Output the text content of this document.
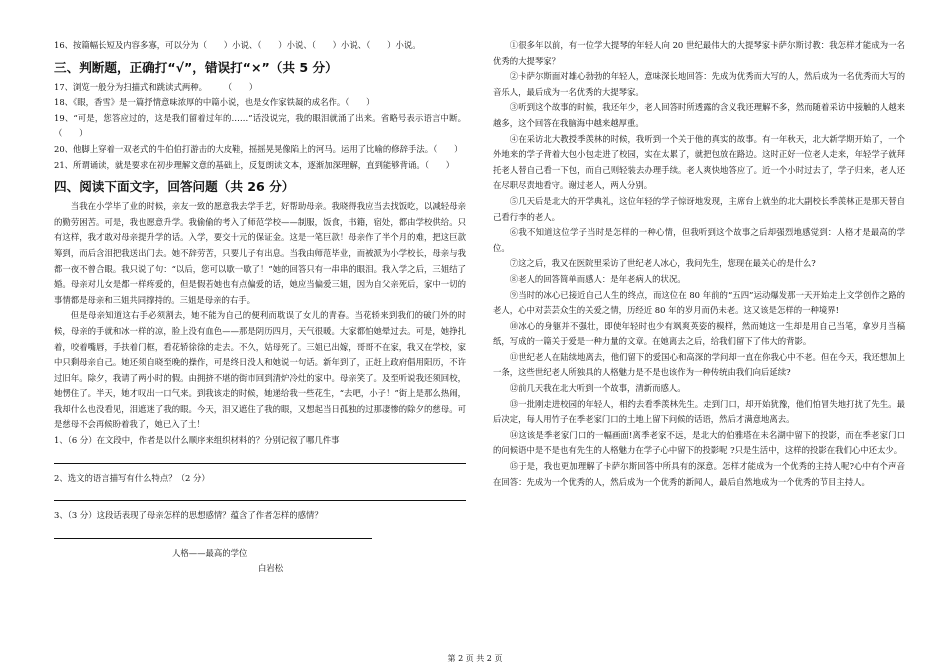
16、按篇幅长短及内容多寡，可以分为（　　）小说、（　　）小说、（　　）小说、（　　）小说。

三、判断题，正确打“√”，错误打“×”（共 5 分）

17、浏览一般分为扫描式和跳读式两种。　　　（　　）

18、《眼，香雪》是一篇抒情意味浓厚的中篇小说，也是女作家铁凝的成名作。（　　）

19、“可是，您答应过的，这是我们留着过年的……”话没说完，我的眼泪就涌了出来。省略号表示语言中断。（　　）

20、他脚上穿着一双老式的牛伯伯打游击的大皮鞋，摇摇晃晃像陷上的河马。运用了比喻的修辞手法。（　　）

21、所谓诵读，就是要求在初步理解文意的基础上，反复朗读文本，逐渐加深理解，直到能够背诵。（　　）

四、阅读下面文字，回答问题（共 26 分）

当我在小学毕了业的时候，亲友一致的愿意我去学手艺，好帮助母亲。我晓得我应当去找饭吃，以减轻母亲的勤劳困苦。可是，我也愿意升学。我偷偷的考入了师范学校——制服，饭食，书籍，宿处，都由学校供给。只有这样，我才敢对母亲提升学的话。入学，要交十元的保证金。这是一笔巨款！母亲作了半个月的难，把这巨款筹到，而后含泪把我送出门去。她不辞劳苦，只要儿子有出息。当我由师范毕业，而被派为小学校长，母亲与我都一夜不曾合眼。我只说了句：“以后，您可以歇一歇了！”她的回答只有一串串的眼泪。我入学之后，三姐结了婚。母亲对儿女是都一样疼爱的，但是假若她也有点偏爱的话，她应当偏爱三姐，因为自父亲死后，家中一切的事情都是母亲和三姐共同撑持的。三姐是母亲的右手。

但是母亲知道这右手必须割去，她不能为自己的便利而耽误了女儿的青春。当花轿来到我们的破门外的时候，母亲的手就和冰一样的凉，脸上没有血色——那是阴历四月，天气很暖。大家都怕她晕过去。可是，她挣扎着，咬着嘴唇，手扶着门框，看花轿徐徐的走去。不久，姑母死了。三姐已出嫁，哥哥不在家，我又在学校，家中只剩母亲自己。她还须自晓至晚的操作，可是终日没人和她说一句话。新年到了，正赶上政府倡用阳历，不许过旧年。除夕，我请了两小时的假。由拥挤不堪的街市回到清炉冷灶的家中。母亲笑了。及至听说我还须回校，她愣住了。半天，她才叹出一口气来。到我该走的时候，她递给我一些花生，“去吧，小子！”街上是那么热闹，我却什么也没看见，泪遮迷了我的眼。今天，泪又遮住了我的眼，又想起当日孤独的过那凄惨的除夕的慈母。可是慈母不会再候盼着我了，她已入了土！

1、（6 分）在文段中，作者是以什么顺序来组织材料的？分别记叙了哪几件事

2、选文的语言描写有什么特点？（2 分）

3、（3 分）这段话表现了母亲怎样的思想感情？蕴含了作者怎样的感情？

人格——最高的学位

白岩松

①很多年以前，有一位学大提琴的年轻人向 20 世纪最伟大的大提琴家卡萨尔斯讨教：我怎样才能成为一名优秀的大提琴家？

②卡萨尔斯面对雄心勃勃的年轻人，意味深长地回答：先成为优秀而大写的人，然后成为一名优秀而大写的音乐人，最后成为一名优秀的大提琴家。

③听到这个故事的时候，我还年少，老人回答时所透露的含义我还理解不多，然而随着采访中接触的人越来越多，这个回答在我脑海中越来越厚重。

④在采访北大教授季羡林的时候，我听到一个关于他的真实的故事。有一年秋天，北大新学期开始了，一个外地来的学子背着大包小包走进了校园，实在太累了，就把包放在路边。这时正好一位老人走来，年轻学子就拜托老人替自己看一下包，而自己则轻装去办理手续。老人爽快地答应了。近一个小时过去了，学子归来，老人还在尽职尽责地看守。谢过老人，两人分别。

⑤几天后是北大的开学典礼，这位年轻的学子惊讶地发现，主席台上就坐的北大副校长季羡林正是那天替自己看行李的老人。

⑥我不知道这位学子当时是怎样的一种心情，但我听到这个故事之后却强烈地感觉到：人格才是最高的学位。

⑦这之后，我又在医院里采访了世纪老人冰心，我问先生，您现在最关心的是什么?

⑧老人的回答简单而感人：是年老病人的状况。

⑨当时的冰心已接近自己人生的终点，而这位在 80 年前的“五四”运动爆发那一天开始走上文学创作之路的老人，心中对芸芸众生的关爱之情，历经近 80 年的岁月而仍未老。这又该是怎样的一种境界!

⑩冰心的身躯并不强壮，即使年轻时也少有飒爽英姿的模样，然而她这一生却是用自己当笔，拿岁月当稿纸，写成的一篇关于爱是一种力量的文章。在她离去之后，给我们留下了伟大的背影。

⑪世纪老人在陆续地离去，他们留下的爱国心和高深的学问却一直在你我心中不老。但在今天，我还想加上一条，这些世纪老人所独具的人格魅力是不是也该作为一种传统由我们向后延续?

⑫前几天我在北大听到一个故事，清新而感人。

⑬一批刚走进校园的年轻人，相约去看季羡林先生。走到门口，却开始犹豫，他们怕冒失地打扰了先生。最后决定，每人用竹子在季老家门口的土地上留下问候的话语，然后才满意地离去。

⑭这该是季老家门口的一幅画面!离季老家不远，是北大的伯雅塔在未名湖中留下的投影，而在季老家门口的问候语中是不是也有先生的人格魅力在学子心中留下的投影呢 ?只是生活中，这样的投影在我们心中还太少。

⑮于是，我也更加理解了卡萨尔斯回答中所具有的深意。怎样才能成为一个优秀的主持人呢?心中有个声音在回答：先成为一个优秀的人，然后成为一个优秀的新闻人，最后自然地成为一个优秀的节目主持人。

第 2 页 共 2 页
